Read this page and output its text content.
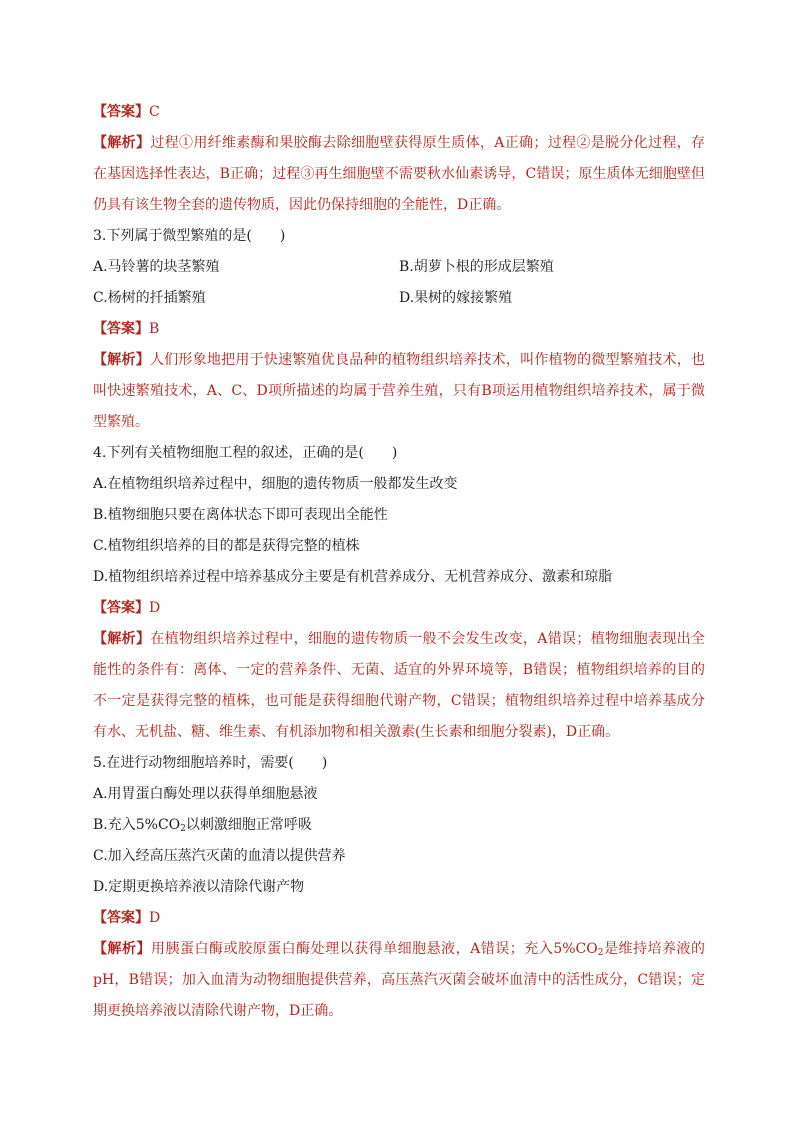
【答案】C
【解析】过程①用纤维素酶和果胶酶去除细胞壁获得原生质体，A正确；过程②是脱分化过程，存在基因选择性表达，B正确；过程③再生细胞壁不需要秋水仙素诱导，C错误；原生质体无细胞壁但仍具有该生物全套的遗传物质，因此仍保持细胞的全能性，D正确。
3.下列属于微型繁殖的是(　　)
A.马铃薯的块茎繁殖	B.胡萝卜根的形成层繁殖
C.杨树的扦插繁殖	D.果树的嫁接繁殖
【答案】B
【解析】人们形象地把用于快速繁殖优良品种的植物组织培养技术，叫作植物的微型繁殖技术，也叫快速繁殖技术，A、C、D项所描述的均属于营养生殖，只有B项运用植物组织培养技术，属于微型繁殖。
4.下列有关植物细胞工程的叙述，正确的是(　　)
A.在植物组织培养过程中，细胞的遗传物质一般都发生改变
B.植物细胞只要在离体状态下即可表现出全能性
C.植物组织培养的目的都是获得完整的植株
D.植物组织培养过程中培养基成分主要是有机营养成分、无机营养成分、激素和琼脂
【答案】D
【解析】在植物组织培养过程中，细胞的遗传物质一般不会发生改变，A错误；植物细胞表现出全能性的条件有：离体、一定的营养条件、无菌、适宜的外界环境等，B错误；植物组织培养的目的不一定是获得完整的植株，也可能是获得细胞代谢产物，C错误；植物组织培养过程中培养基成分有水、无机盐、糖、维生素、有机添加物和相关激素(生长素和细胞分裂素)，D正确。
5.在进行动物细胞培养时，需要(　　)
A.用胃蛋白酶处理以获得单细胞悬液
B.充入$5\%CO_2$以刺激细胞正常呼吸
C.加入经高压蒸汽灭菌的血清以提供营养
D.定期更换培养液以清除代谢产物
【答案】D
【解析】用胰蛋白酶或胶原蛋白酶处理以获得单细胞悬液，A错误；充入$5\%CO_2$是维持培养液的pH，B错误；加入血清为动物细胞提供营养，高压蒸汽灭菌会破坏血清中的活性成分，C错误；定期更换培养液以清除代谢产物，D正确。
